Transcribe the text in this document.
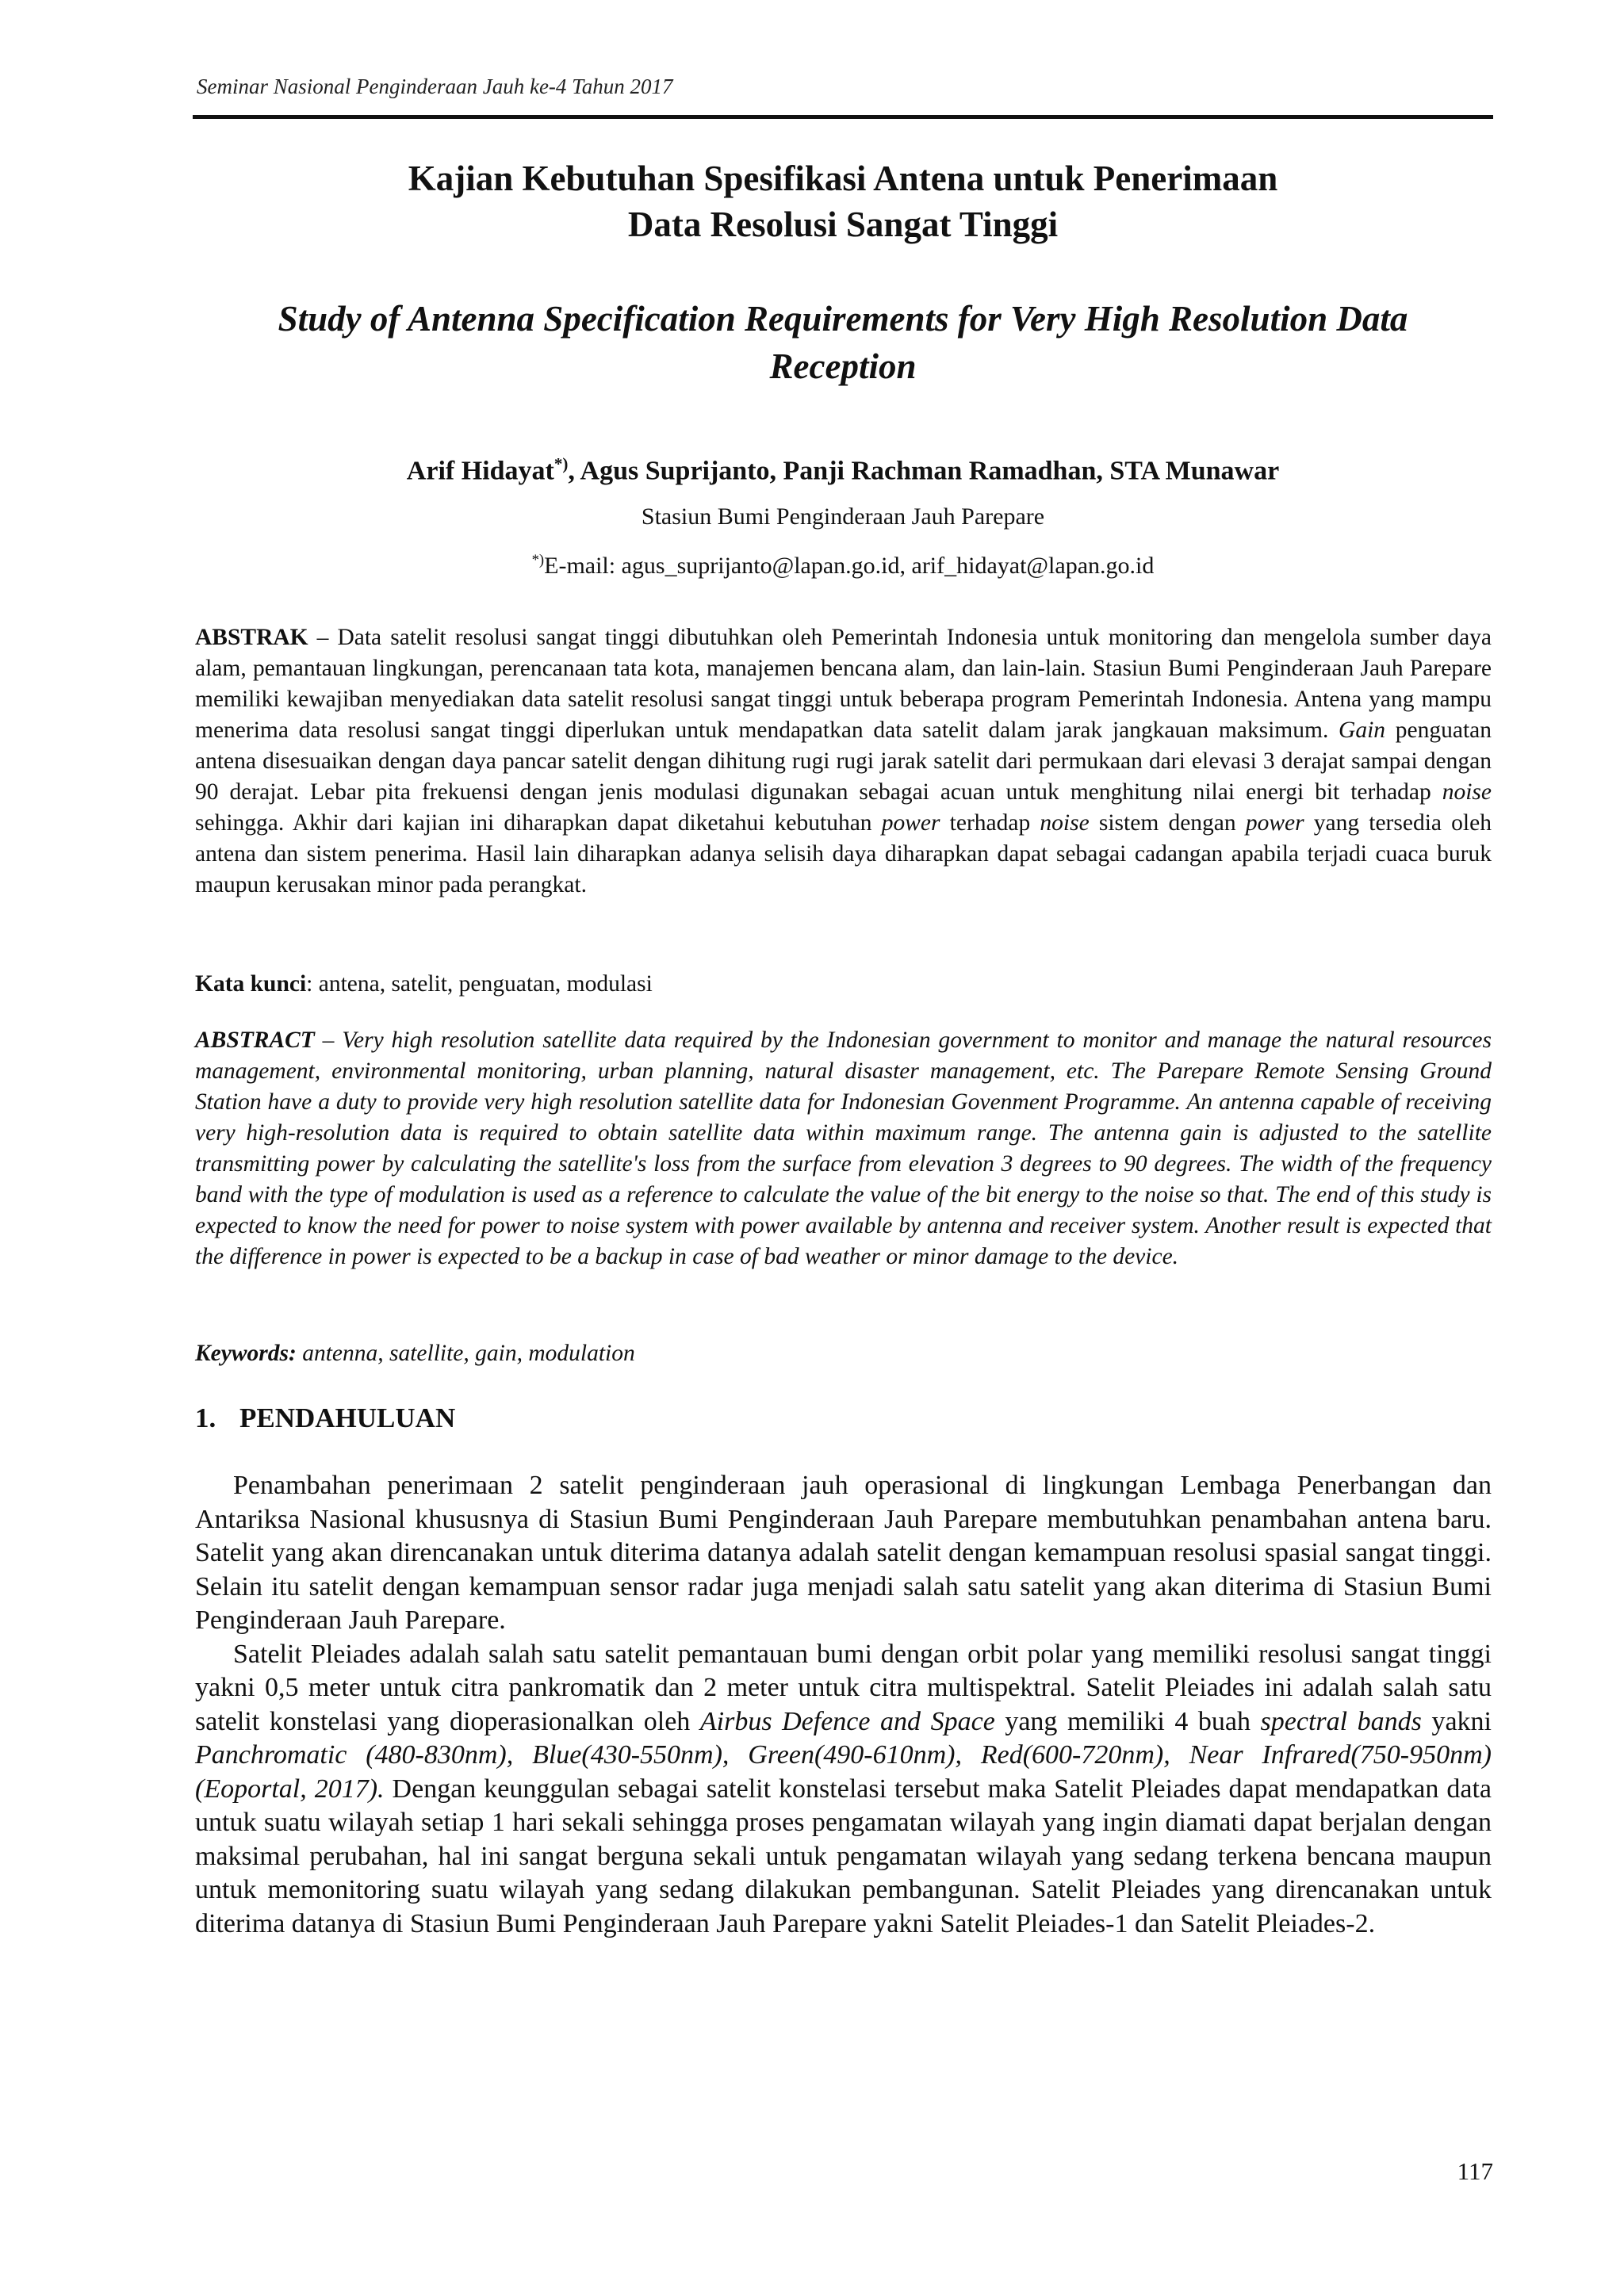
Seminar Nasional Penginderaan Jauh ke-4 Tahun 2017
Kajian Kebutuhan Spesifikasi Antena untuk Penerimaan
Data Resolusi Sangat Tinggi
Study of Antenna Specification Requirements for Very High Resolution Data
Reception
Arif Hidayat*), Agus Suprijanto, Panji Rachman Ramadhan, STA Munawar
Stasiun Bumi Penginderaan Jauh Parepare
*)E-mail: agus_suprijanto@lapan.go.id, arif_hidayat@lapan.go.id
ABSTRAK – Data satelit resolusi sangat tinggi dibutuhkan oleh Pemerintah Indonesia untuk monitoring dan mengelola sumber daya alam, pemantauan lingkungan, perencanaan tata kota, manajemen bencana alam, dan lain-lain. Stasiun Bumi Penginderaan Jauh Parepare memiliki kewajiban menyediakan data satelit resolusi sangat tinggi untuk beberapa program Pemerintah Indonesia. Antena yang mampu menerima data resolusi sangat tinggi diperlukan untuk mendapatkan data satelit dalam jarak jangkauan maksimum. Gain penguatan antena disesuaikan dengan daya pancar satelit dengan dihitung rugi rugi jarak satelit dari permukaan dari elevasi 3 derajat sampai dengan 90 derajat. Lebar pita frekuensi dengan jenis modulasi digunakan sebagai acuan untuk menghitung nilai energi bit terhadap noise sehingga. Akhir dari kajian ini diharapkan dapat diketahui kebutuhan power terhadap noise sistem dengan power yang tersedia oleh antena dan sistem penerima. Hasil lain diharapkan adanya selisih daya diharapkan dapat sebagai cadangan apabila terjadi cuaca buruk maupun kerusakan minor pada perangkat.
Kata kunci: antena, satelit, penguatan, modulasi
ABSTRACT – Very high resolution satellite data required by the Indonesian government to monitor and manage the natural resources management, environmental monitoring, urban planning, natural disaster management, etc. The Parepare Remote Sensing Ground Station have a duty to provide very high resolution satellite data for Indonesian Govenment Programme. An antenna capable of receiving very high-resolution data is required to obtain satellite data within maximum range. The antenna gain is adjusted to the satellite transmitting power by calculating the satellite's loss from the surface from elevation 3 degrees to 90 degrees. The width of the frequency band with the type of modulation is used as a reference to calculate the value of the bit energy to the noise so that. The end of this study is expected to know the need for power to noise system with power available by antenna and receiver system. Another result is expected that the difference in power is expected to be a backup in case of bad weather or minor damage to the device.
Keywords: antenna, satellite, gain, modulation
1. PENDAHULUAN

Penambahan penerimaan 2 satelit penginderaan jauh operasional di lingkungan Lembaga Penerbangan dan Antariksa Nasional khususnya di Stasiun Bumi Penginderaan Jauh Parepare membutuhkan penambahan antena baru. Satelit yang akan direncanakan untuk diterima datanya adalah satelit dengan kemampuan resolusi spasial sangat tinggi. Selain itu satelit dengan kemampuan sensor radar juga menjadi salah satu satelit yang akan diterima di Stasiun Bumi Penginderaan Jauh Parepare.

Satelit Pleiades adalah salah satu satelit pemantauan bumi dengan orbit polar yang memiliki resolusi sangat tinggi yakni 0,5 meter untuk citra pankromatik dan 2 meter untuk citra multispektral. Satelit Pleiades ini adalah salah satu satelit konstelasi yang dioperasionalkan oleh Airbus Defence and Space yang memiliki 4 buah spectral bands yakni Panchromatic (480-830nm), Blue(430-550nm), Green(490-610nm), Red(600-720nm), Near Infrared(750-950nm) (Eoportal, 2017). Dengan keunggulan sebagai satelit konstelasi tersebut maka Satelit Pleiades dapat mendapatkan data untuk suatu wilayah setiap 1 hari sekali sehingga proses pengamatan wilayah yang ingin diamati dapat berjalan dengan maksimal perubahan, hal ini sangat berguna sekali untuk pengamatan wilayah yang sedang terkena bencana maupun untuk memonitoring suatu wilayah yang sedang dilakukan pembangunan. Satelit Pleiades yang direncanakan untuk diterima datanya di Stasiun Bumi Penginderaan Jauh Parepare yakni Satelit Pleiades-1 dan Satelit Pleiades-2.

117
